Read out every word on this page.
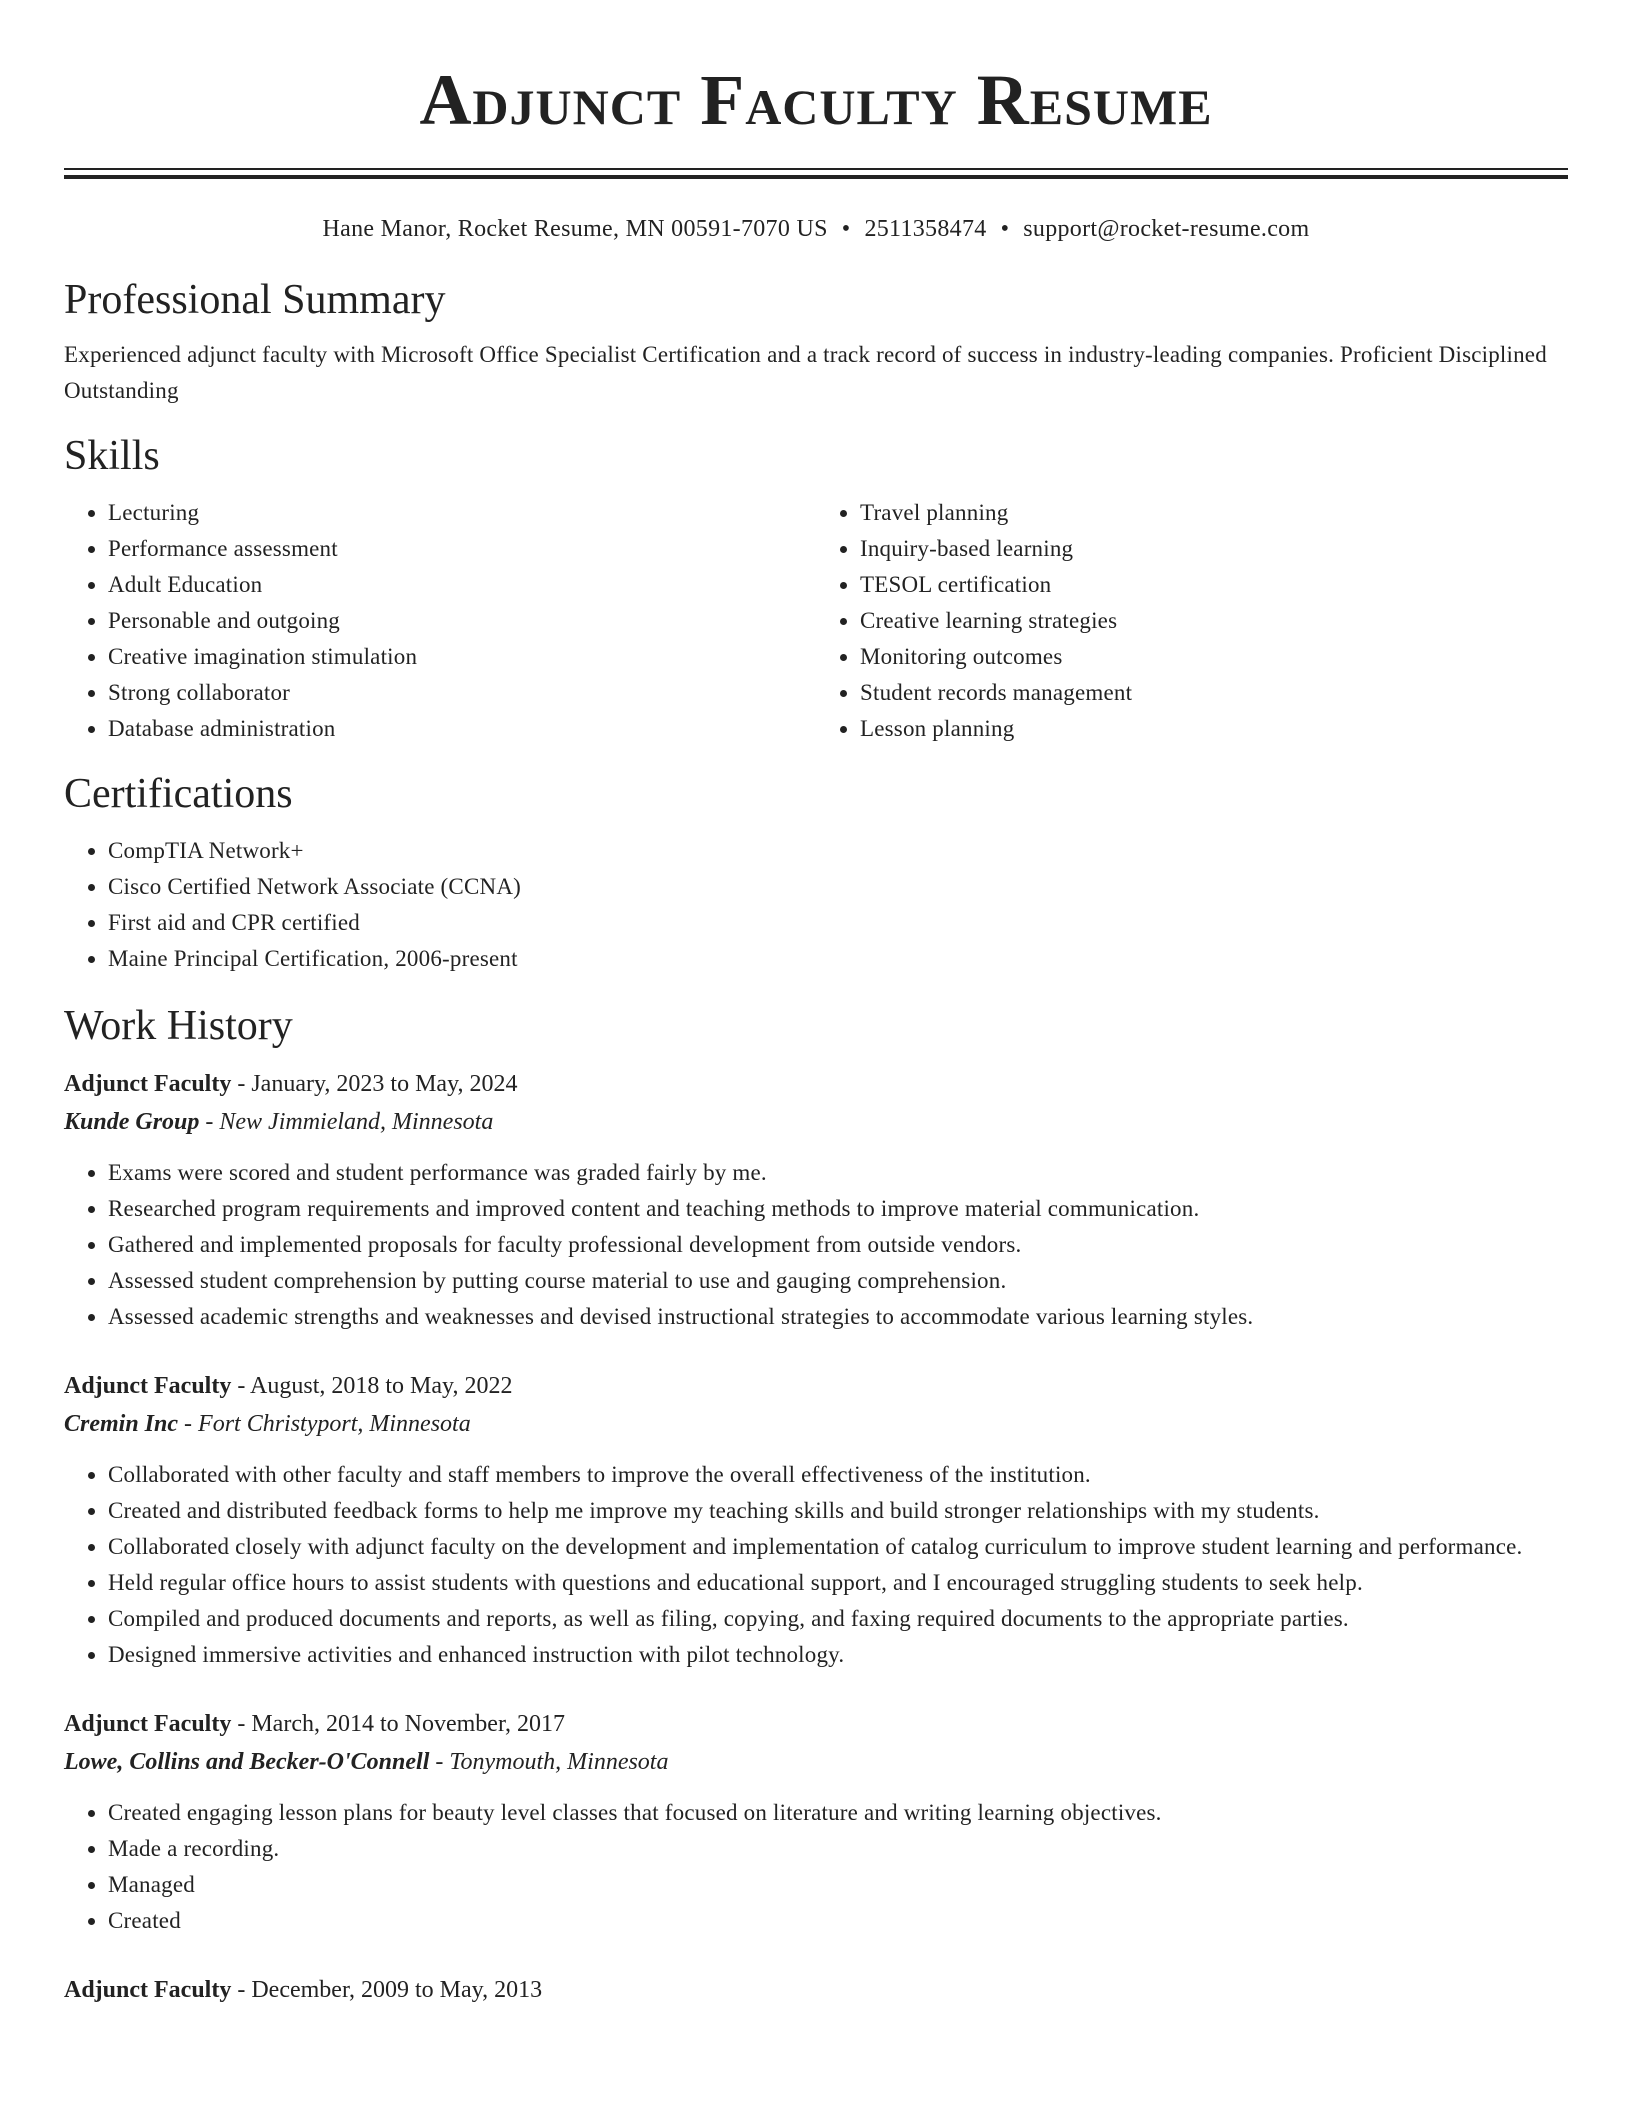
Adjunct Faculty Resume
Hane Manor, Rocket Resume, MN 00591-7070 US • 2511358474 • support@rocket-resume.com
Professional Summary

Experienced adjunct faculty with Microsoft Office Specialist Certification and a track record of success in industry-leading companies. Proficient Disciplined Outstanding

Skills
• Lecturing
• Performance assessment
• Adult Education
• Personable and outgoing
• Creative imagination stimulation
• Strong collaborator
• Database administration
• Travel planning
• Inquiry-based learning
• TESOL certification
• Creative learning strategies
• Monitoring outcomes
• Student records management
• Lesson planning
Certifications
• CompTIA Network+
• Cisco Certified Network Associate (CCNA)
• First aid and CPR certified
• Maine Principal Certification, 2006-present
Work History
Adjunct Faculty - January, 2023 to May, 2024
Kunde Group - New Jimmieland, Minnesota
• Exams were scored and student performance was graded fairly by me.
• Researched program requirements and improved content and teaching methods to improve material communication.
• Gathered and implemented proposals for faculty professional development from outside vendors.
• Assessed student comprehension by putting course material to use and gauging comprehension.
• Assessed academic strengths and weaknesses and devised instructional strategies to accommodate various learning styles.
Adjunct Faculty - August, 2018 to May, 2022
Cremin Inc - Fort Christyport, Minnesota
• Collaborated with other faculty and staff members to improve the overall effectiveness of the institution.
• Created and distributed feedback forms to help me improve my teaching skills and build stronger relationships with my students.
• Collaborated closely with adjunct faculty on the development and implementation of catalog curriculum to improve student learning and performance.
• Held regular office hours to assist students with questions and educational support, and I encouraged struggling students to seek help.
• Compiled and produced documents and reports, as well as filing, copying, and faxing required documents to the appropriate parties.
• Designed immersive activities and enhanced instruction with pilot technology.
Adjunct Faculty - March, 2014 to November, 2017
Lowe, Collins and Becker-O'Connell - Tonymouth, Minnesota
• Created engaging lesson plans for beauty level classes that focused on literature and writing learning objectives.
• Made a recording.
• Managed
• Created
Adjunct Faculty - December, 2009 to May, 2013
